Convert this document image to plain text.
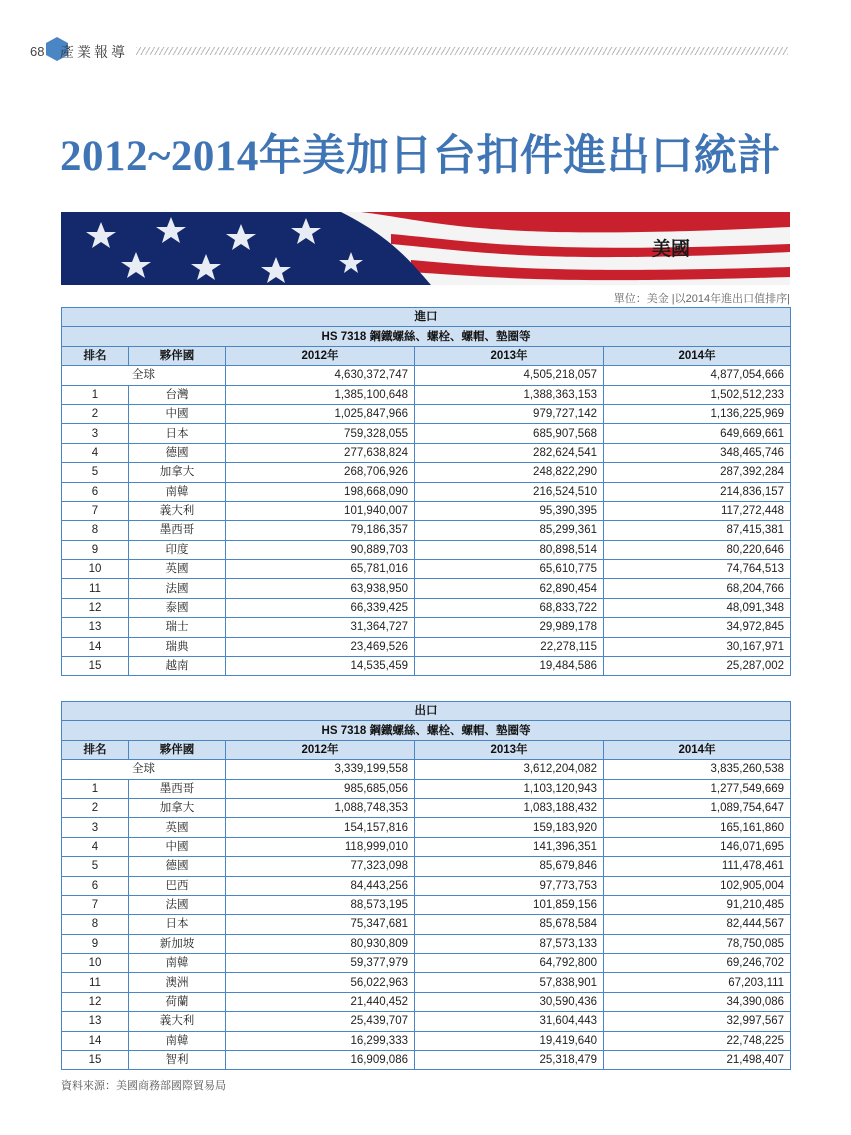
68 產業報導
2012~2014年美加日台扣件進出口統計
美國
單位：美金 |以2014年進出口值排序|
進口				
HS 7318 鋼鐵螺絲、螺栓、螺帽、墊圈等				
排名	夥伴國	2012年	2013年	2014年
全球		4,630,372,747	4,505,218,057	4,877,054,666
1	台灣	1,385,100,648	1,388,363,153	1,502,512,233
2	中國	1,025,847,966	979,727,142	1,136,225,969
3	日本	759,328,055	685,907,568	649,669,661
4	德國	277,638,824	282,624,541	348,465,746
5	加拿大	268,706,926	248,822,290	287,392,284
6	南韓	198,668,090	216,524,510	214,836,157
7	義大利	101,940,007	95,390,395	117,272,448
8	墨西哥	79,186,357	85,299,361	87,415,381
9	印度	90,889,703	80,898,514	80,220,646
10	英國	65,781,016	65,610,775	74,764,513
11	法國	63,938,950	62,890,454	68,204,766
12	泰國	66,339,425	68,833,722	48,091,348
13	瑞士	31,364,727	29,989,178	34,972,845
14	瑞典	23,469,526	22,278,115	30,167,971
15	越南	14,535,459	19,484,586	25,287,002
出口				
HS 7318 鋼鐵螺絲、螺栓、螺帽、墊圈等				
排名	夥伴國	2012年	2013年	2014年
全球		3,339,199,558	3,612,204,082	3,835,260,538
1	墨西哥	985,685,056	1,103,120,943	1,277,549,669
2	加拿大	1,088,748,353	1,083,188,432	1,089,754,647
3	英國	154,157,816	159,183,920	165,161,860
4	中國	118,999,010	141,396,351	146,071,695
5	德國	77,323,098	85,679,846	111,478,461
6	巴西	84,443,256	97,773,753	102,905,004
7	法國	88,573,195	101,859,156	91,210,485
8	日本	75,347,681	85,678,584	82,444,567
9	新加坡	80,930,809	87,573,133	78,750,085
10	南韓	59,377,979	64,792,800	69,246,702
11	澳洲	56,022,963	57,838,901	67,203,111
12	荷蘭	21,440,452	30,590,436	34,390,086
13	義大利	25,439,707	31,604,443	32,997,567
14	南韓	16,299,333	19,419,640	22,748,225
15	智利	16,909,086	25,318,479	21,498,407
資料來源：美國商務部國際貿易局
